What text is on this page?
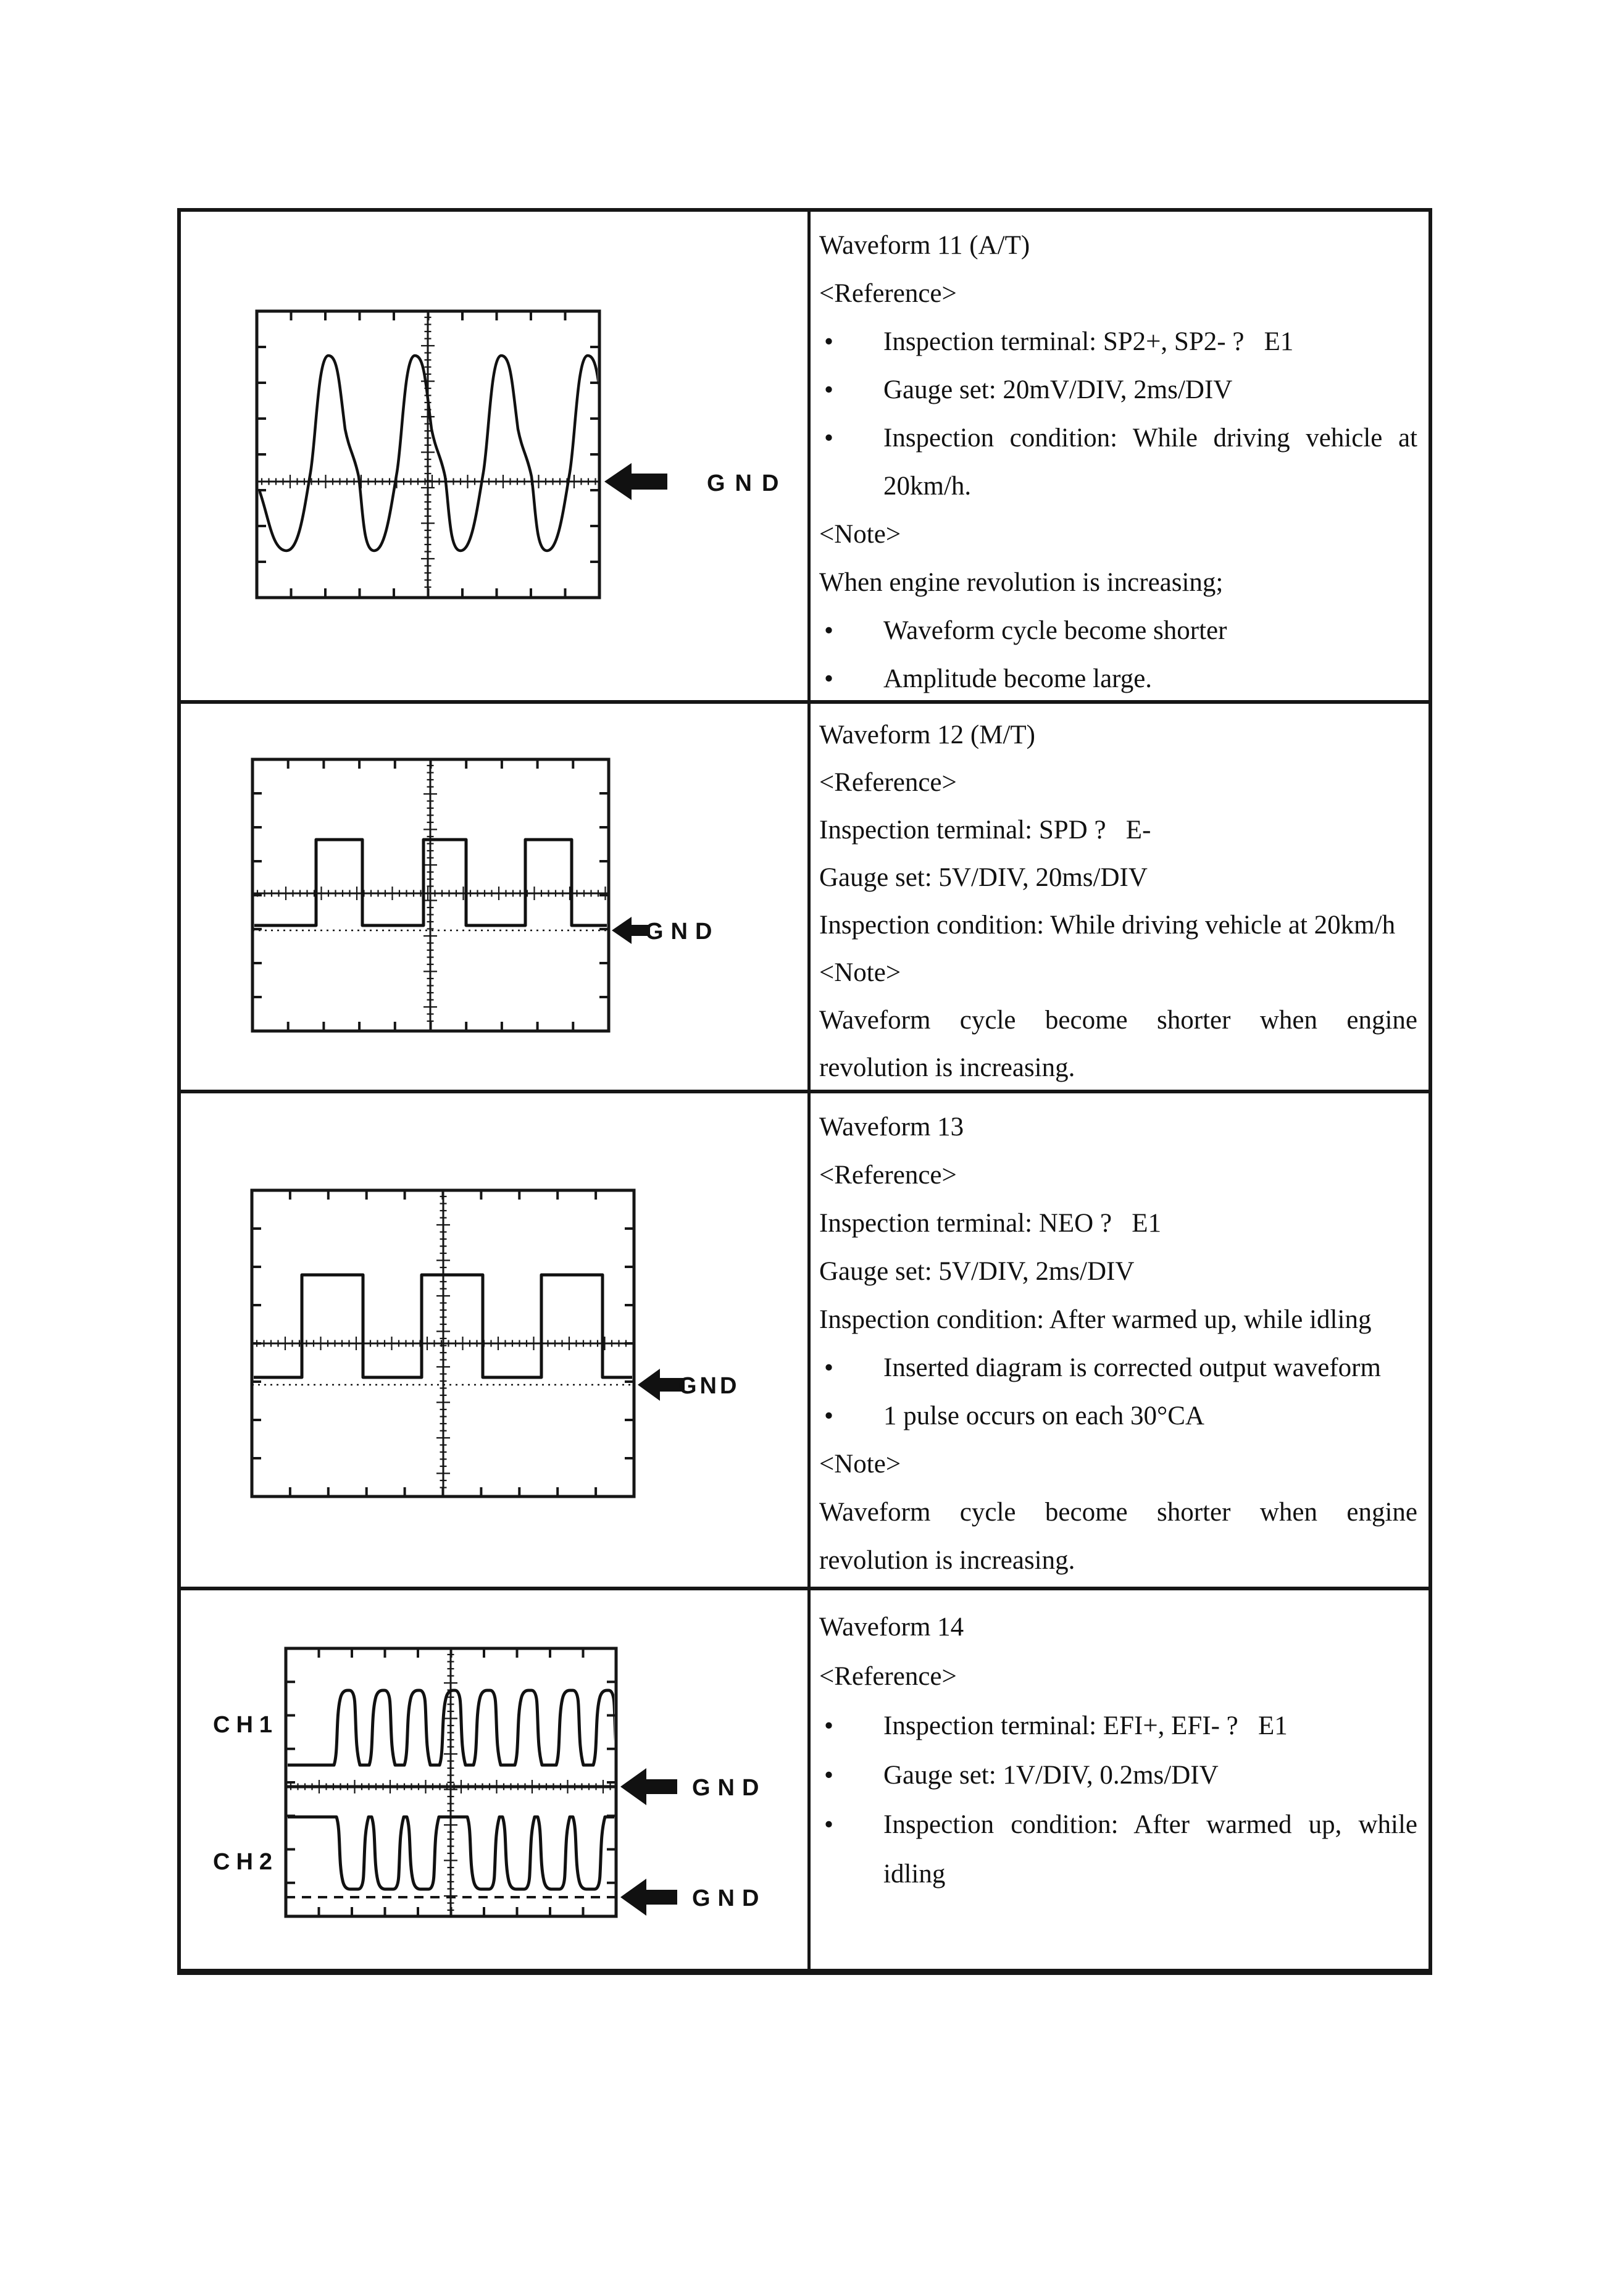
GND
Waveform 11 (A/T)
<Reference>
• Inspection terminal: SP2+, SP2- ?   E1
• Gauge set: 20mV/DIV, 2ms/DIV
• Inspection condition: While driving vehicle at
20km/h.
<Note>
When engine revolution is increasing;
• Waveform cycle become shorter
• Amplitude become large.
GND
Waveform 12 (M/T)
<Reference>
Inspection terminal: SPD ?   E-
Gauge set: 5V/DIV, 20ms/DIV
Inspection condition: While driving vehicle at 20km/h
<Note>
Waveform cycle become shorter when engine
revolution is increasing.
GND
Waveform 13
<Reference>
Inspection terminal: NEO ?   E1
Gauge set: 5V/DIV, 2ms/DIV
Inspection condition: After warmed up, while idling
• Inserted diagram is corrected output waveform
• 1 pulse occurs on each 30°CA
<Note>
Waveform cycle become shorter when engine
revolution is increasing.
GND
GND
CH1
CH2
Waveform 14
<Reference>
• Inspection terminal: EFI+, EFI- ?   E1
• Gauge set: 1V/DIV, 0.2ms/DIV
• Inspection condition: After warmed up, while
idling
